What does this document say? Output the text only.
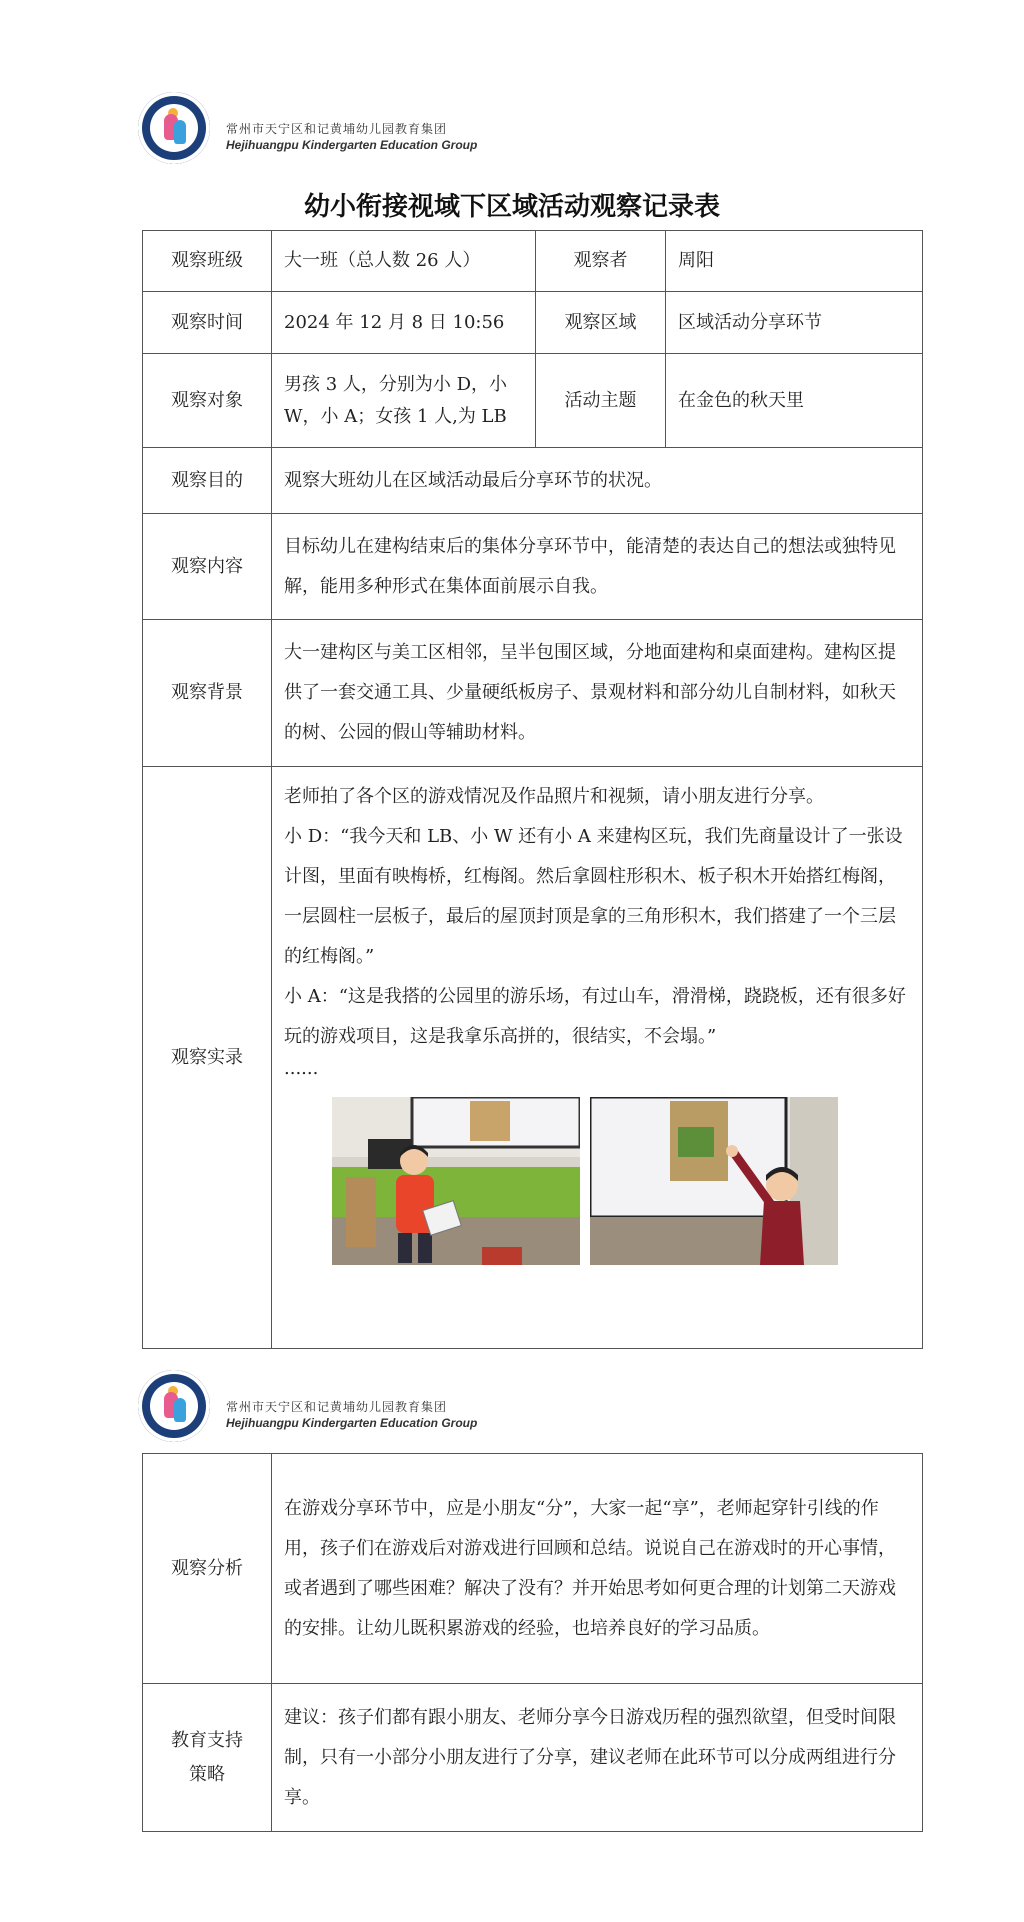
常州市天宁区和记黄埔幼儿园教育集团
Hejihuangpu Kindergarten Education Group
幼小衔接视域下区域活动观察记录表
观察班级	大一班（总人数 26 人）	观察者	周阳
观察时间	2024 年 12 月 8 日 10:56	观察区域	区域活动分享环节
观察对象	男孩 3 人，分别为小 D，小 W，小 A；女孩 1 人,为 LB	活动主题	在金色的秋天里
观察目的	观察大班幼儿在区域活动最后分享环节的状况。		
观察内容	目标幼儿在建构结束后的集体分享环节中，能清楚的表达自己的想法或独特见解，能用多种形式在集体面前展示自我。		
观察背景	大一建构区与美工区相邻，呈半包围区域，分地面建构和桌面建构。建构区提供了一套交通工具、少量硬纸板房子、景观材料和部分幼儿自制材料，如秋天的树、公园的假山等辅助材料。		
观察实录	老师拍了各个区的游戏情况及作品照片和视频，请小朋友进行分享。
小 D：“我今天和 LB、小 W 还有小 A 来建构区玩，我们先商量设计了一张设计图，里面有映梅桥，红梅阁。然后拿圆柱形积木、板子积木开始搭红梅阁，一层圆柱一层板子，最后的屋顶封顶是拿的三角形积木，我们搭建了一个三层的红梅阁。”
小 A：“这是我搭的公园里的游乐场，有过山车，滑滑梯，跷跷板，还有很多好玩的游戏项目，这是我拿乐高拼的，很结实，不会塌。”
......		
常州市天宁区和记黄埔幼儿园教育集团
Hejihuangpu Kindergarten Education Group
观察分析	在游戏分享环节中，应是小朋友“分”，大家一起“享”，老师起穿针引线的作用，孩子们在游戏后对游戏进行回顾和总结。说说自己在游戏时的开心事情，或者遇到了哪些困难？解决了没有？并开始思考如何更合理的计划第二天游戏的安排。让幼儿既积累游戏的经验，也培养良好的学习品质。
教育支持策略	建议：孩子们都有跟小朋友、老师分享今日游戏历程的强烈欲望，但受时间限制，只有一小部分小朋友进行了分享，建议老师在此环节可以分成两组进行分享。
